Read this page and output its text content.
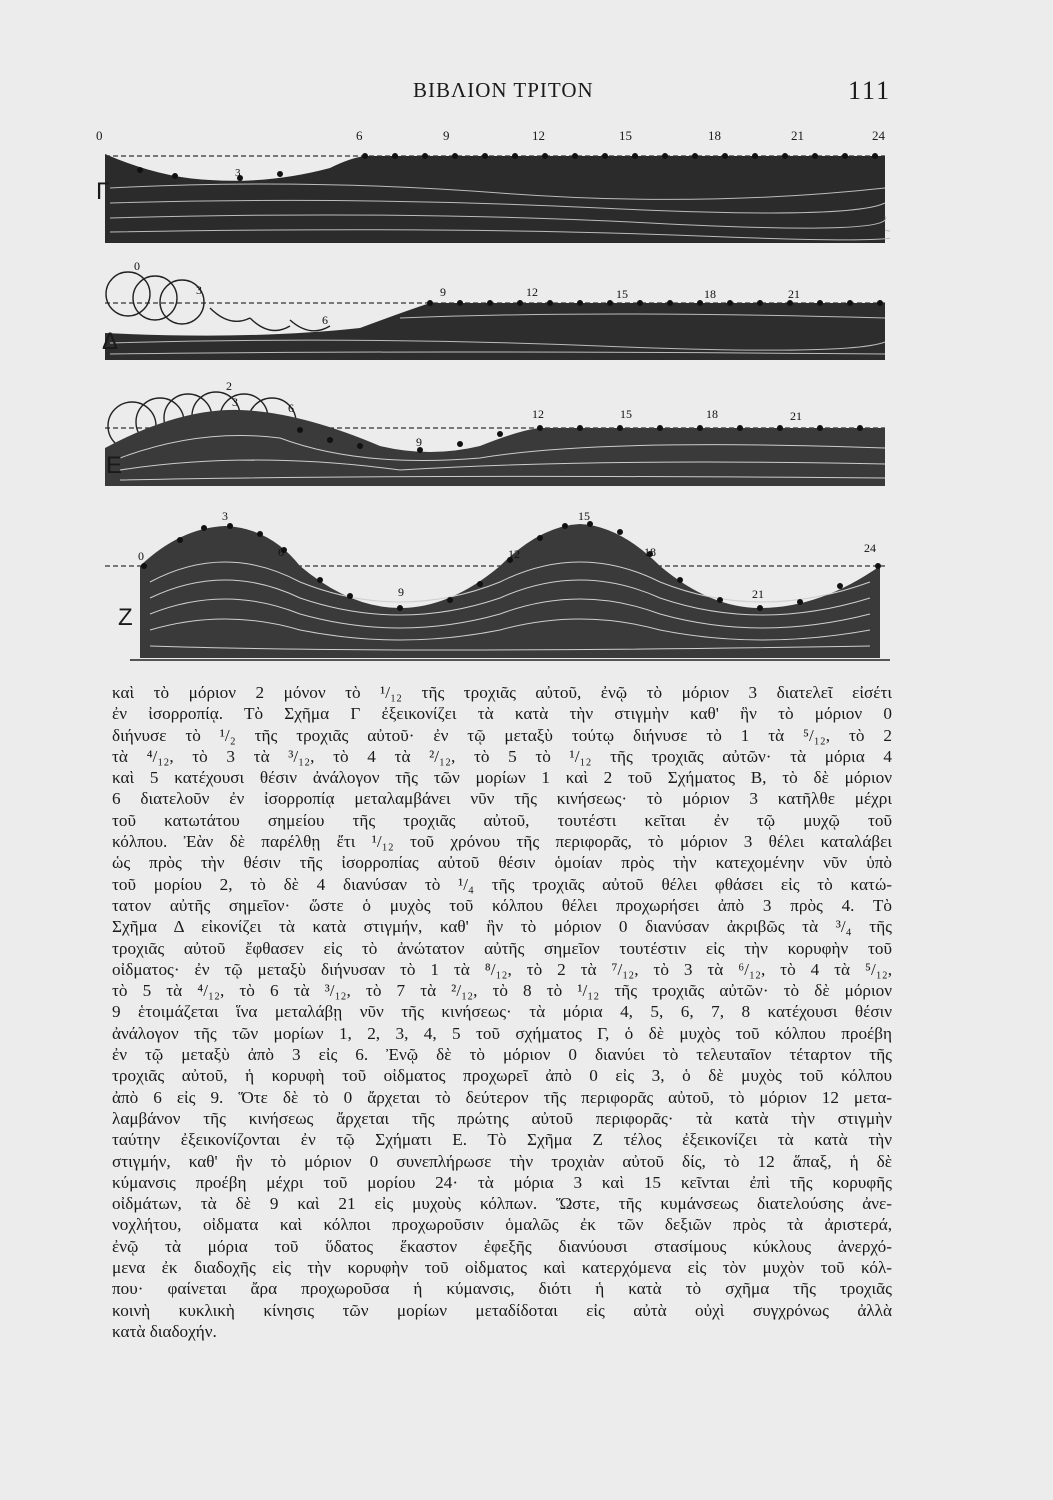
ΒΙΒΛΙΟΝ ΤΡΙΤΟΝ	111
0	6	9	12	15	18	21	24
3
Γ
0
3
6
9	12	15	18	21
Δ
2
3	6
9
12	15	18	21
Ε
0
3
6
9
12
15
18
21
24
Ζ
καὶ τὸ μόριον 2 μόνον τὸ ¹/₁₂ τῆς τροχιᾶς αὐτοῦ, ἐνῷ τὸ μόριον 3 διατελεῖ εἰσέτι
ἐν ἰσορροπίᾳ. Τὸ Σχῆμα Γ ἐξεικονίζει τὰ κατὰ τὴν στιγμὴν καθ' ἣν τὸ μόριον 0
διήνυσε τὸ ¹/₂ τῆς τροχιᾶς αὐτοῦ· ἐν τῷ μεταξὺ τούτῳ διήνυσε τὸ 1 τὰ ⁵/₁₂, τὸ 2
τὰ ⁴/₁₂, τὸ 3 τὰ ³/₁₂, τὸ 4 τὰ ²/₁₂, τὸ 5 τὸ ¹/₁₂ τῆς τροχιᾶς αὐτῶν· τὰ μόρια 4
καὶ 5 κατέχουσι θέσιν ἀνάλογον τῆς τῶν μορίων 1 καὶ 2 τοῦ Σχήματος Β, τὸ δὲ μόριον
6 διατελοῦν ἐν ἰσορροπίᾳ μεταλαμβάνει νῦν τῆς κινήσεως· τὸ μόριον 3 κατῆλθε μέχρι
τοῦ κατωτάτου σημείου τῆς τροχιᾶς αὐτοῦ, τουτέστι κεῖται ἐν τῷ μυχῷ τοῦ
κόλπου. Ἐὰν δὲ παρέλθῃ ἔτι ¹/₁₂ τοῦ χρόνου τῆς περιφορᾶς, τὸ μόριον 3 θέλει καταλάβει
ὡς πρὸς τὴν θέσιν τῆς ἰσορροπίας αὐτοῦ θέσιν ὁμοίαν πρὸς τὴν κατεχομένην νῦν ὑπὸ
τοῦ μορίου 2, τὸ δὲ 4 διανύσαν τὸ ¹/₄ τῆς τροχιᾶς αὐτοῦ θέλει φθάσει εἰς τὸ κατώ-
τατον αὐτῆς σημεῖον· ὥστε ὁ μυχὸς τοῦ κόλπου θέλει προχωρήσει ἀπὸ 3 πρὸς 4. Τὸ
Σχῆμα Δ εἰκονίζει τὰ κατὰ στιγμήν, καθ' ἣν τὸ μόριον 0 διανύσαν ἀκριβῶς τὰ ³/₄ τῆς
τροχιᾶς αὐτοῦ ἔφθασεν εἰς τὸ ἀνώτατον αὐτῆς σημεῖον τουτέστιν εἰς τὴν κορυφὴν τοῦ
οἰδματος· ἐν τῷ μεταξὺ διήνυσαν τὸ 1 τὰ ⁸/₁₂, τὸ 2 τὰ ⁷/₁₂, τὸ 3 τὰ ⁶/₁₂, τὸ 4 τὰ ⁵/₁₂,
τὸ 5 τὰ ⁴/₁₂, τὸ 6 τὰ ³/₁₂, τὸ 7 τὰ ²/₁₂, τὸ 8 τὸ ¹/₁₂ τῆς τροχιᾶς αὐτῶν· τὸ δὲ μόριον
9 ἑτοιμάζεται ἵνα μεταλάβῃ νῦν τῆς κινήσεως· τὰ μόρια 4, 5, 6, 7, 8 κατέχουσι θέσιν
ἀνάλογον τῆς τῶν μορίων 1, 2, 3, 4, 5 τοῦ σχήματος Γ, ὁ δὲ μυχὸς τοῦ κόλπου προέβη
ἐν τῷ μεταξὺ ἀπὸ 3 εἰς 6. Ἐνῷ δὲ τὸ μόριον 0 διανύει τὸ τελευταῖον τέταρτον τῆς
τροχιᾶς αὐτοῦ, ἡ κορυφὴ τοῦ οἰδματος προχωρεῖ ἀπὸ 0 εἰς 3, ὁ δὲ μυχὸς τοῦ κόλπου
ἀπὸ 6 εἰς 9. Ὅτε δὲ τὸ 0 ἄρχεται τὸ δεύτερον τῆς περιφορᾶς αὐτοῦ, τὸ μόριον 12 μετα-
λαμβάνον τῆς κινήσεως ἄρχεται τῆς πρώτης αὐτοῦ περιφορᾶς· τὰ κατὰ τὴν στιγμὴν
ταύτην ἐξεικονίζονται ἐν τῷ Σχήματι Ε. Τὸ Σχῆμα Ζ τέλος ἐξεικονίζει τὰ κατὰ τὴν
στιγμήν, καθ' ἣν τὸ μόριον 0 συνεπλήρωσε τὴν τροχιὰν αὐτοῦ δίς, τὸ 12 ἅπαξ, ἡ δὲ
κύμανσις προέβη μέχρι τοῦ μορίου 24· τὰ μόρια 3 καὶ 15 κεῖνται ἐπὶ τῆς κορυφῆς
οἰδμάτων, τὰ δὲ 9 καὶ 21 εἰς μυχοὺς κόλπων. Ὥστε, τῆς κυμάνσεως διατελούσης ἀνε-
νοχλήτου, οἰδματα καὶ κόλποι προχωροῦσιν ὁμαλῶς ἐκ τῶν δεξιῶν πρὸς τὰ ἀριστερά,
ἐνῷ τὰ μόρια τοῦ ὕδατος ἕκαστον ἐφεξῆς διανύουσι στασίμους κύκλους ἀνερχό-
μενα ἐκ διαδοχῆς εἰς τὴν κορυφὴν τοῦ οἰδματος καὶ κατερχόμενα εἰς τὸν μυχὸν τοῦ κόλ-
που· φαίνεται ἄρα προχωροῦσα ἡ κύμανσις, διότι ἡ κατὰ τὸ σχῆμα τῆς τροχιᾶς
κοινὴ κυκλικὴ κίνησις τῶν μορίων μεταδίδοται εἰς αὐτὰ οὐχὶ συγχρόνως ἀλλὰ
κατὰ διαδοχήν.
